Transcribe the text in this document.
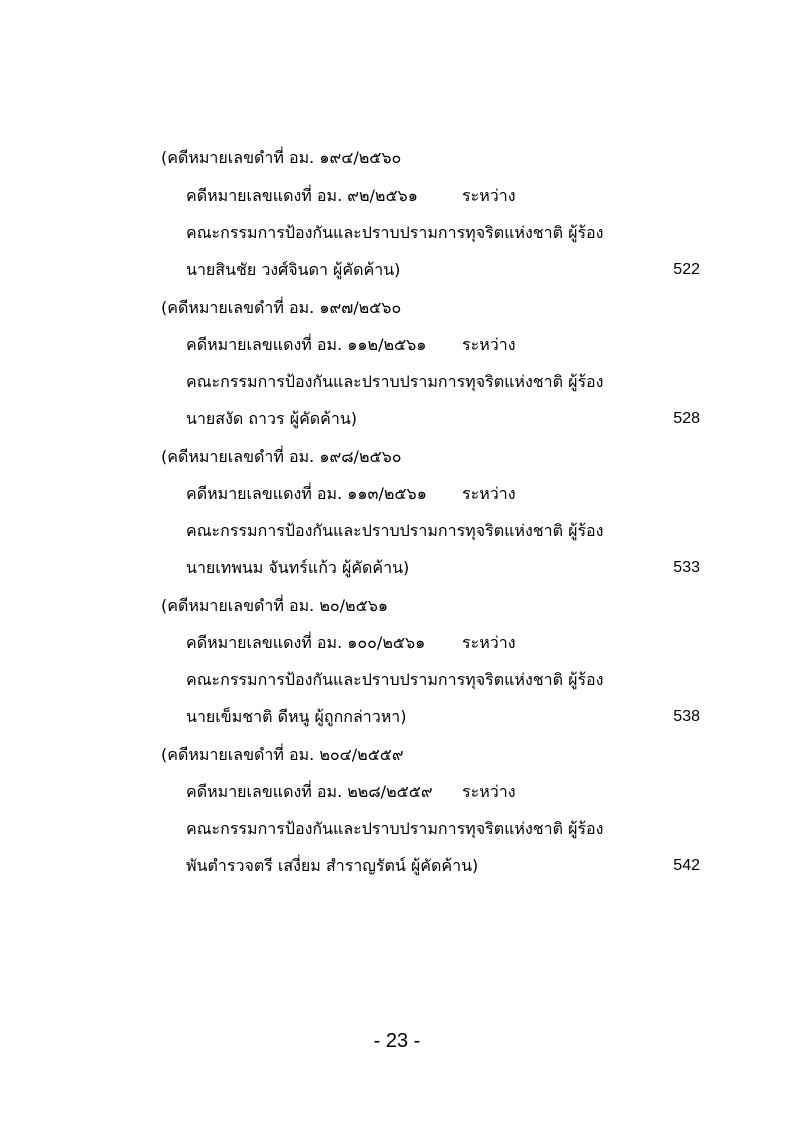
(คดีหมายเลขดำที่ อม. ๑๙๔/๒๕๖๐
คดีหมายเลขแดงที่ อม. ๙๒/๒๕๖๑	ระหว่าง
คณะกรรมการป้องกันและปราบปรามการทุจริตแห่งชาติ ผู้ร้อง
นายสินชัย วงศ์จินดา ผู้คัดค้าน)	522
(คดีหมายเลขดำที่ อม. ๑๙๗/๒๕๖๐
คดีหมายเลขแดงที่ อม. ๑๑๒/๒๕๖๑ ระหว่าง
คณะกรรมการป้องกันและปราบปรามการทุจริตแห่งชาติ ผู้ร้อง
นายสงัด ถาวร ผู้คัดค้าน)	528
(คดีหมายเลขดำที่ อม. ๑๙๘/๒๕๖๐
คดีหมายเลขแดงที่ อม. ๑๑๓/๒๕๖๑ ระหว่าง
คณะกรรมการป้องกันและปราบปรามการทุจริตแห่งชาติ ผู้ร้อง
นายเทพนม จันทร์แก้ว ผู้คัดค้าน)	533
(คดีหมายเลขดำที่ อม. ๒๐/๒๕๖๑
คดีหมายเลขแดงที่ อม. ๑๐๐/๒๕๖๑ ระหว่าง
คณะกรรมการป้องกันและปราบปรามการทุจริตแห่งชาติ ผู้ร้อง
นายเข็มชาติ ดีหนู ผู้ถูกกล่าวหา)	538
(คดีหมายเลขดำที่ อม. ๒๐๔/๒๕๕๙
คดีหมายเลขแดงที่ อม. ๒๒๘/๒๕๕๙ ระหว่าง
คณะกรรมการป้องกันและปราบปรามการทุจริตแห่งชาติ ผู้ร้อง
พันตำรวจตรี เสงี่ยม สำราญรัตน์ ผู้คัดค้าน)	542
- 23 -
